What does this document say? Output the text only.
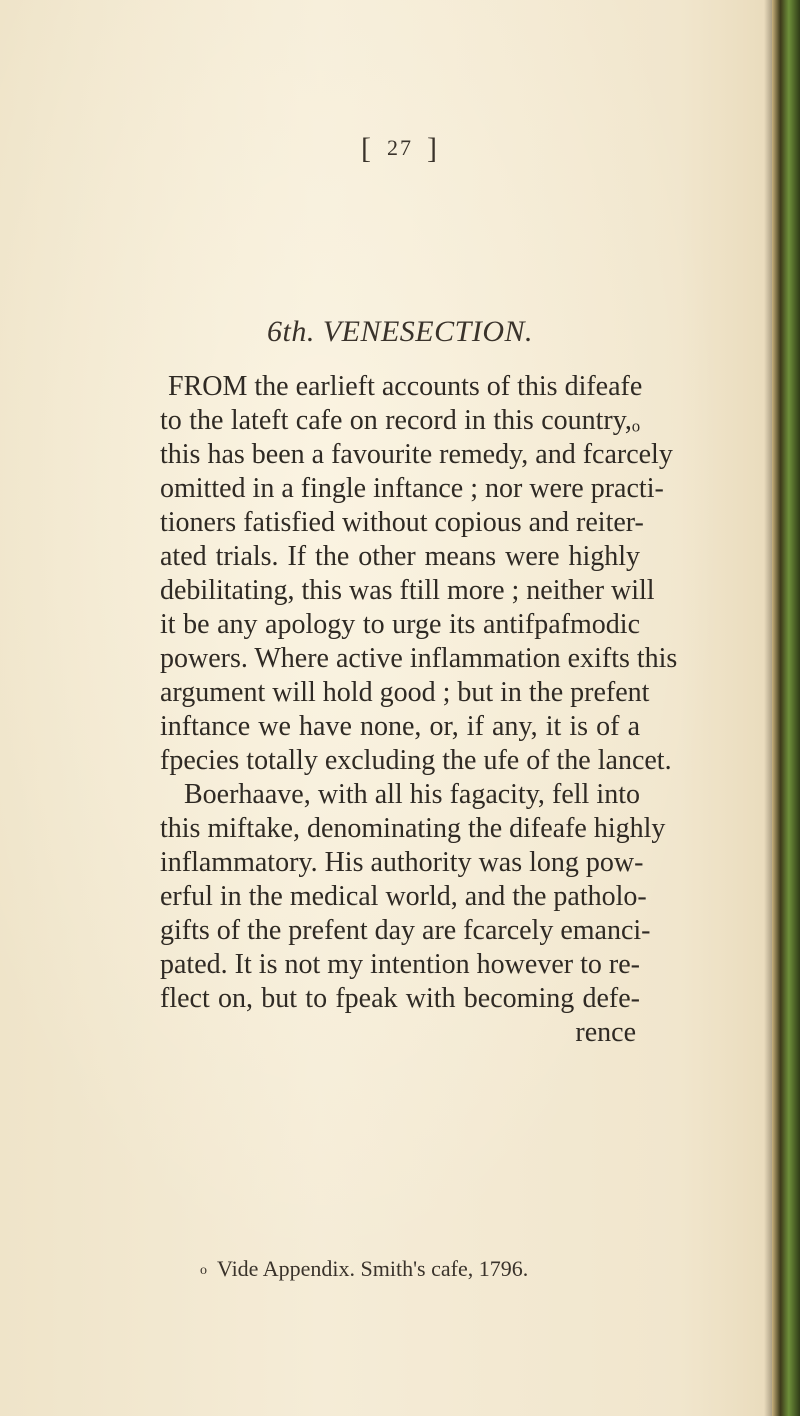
[ 27 ]
6th. VENESECTION.
FROM the earlieft accounts of this difeafe
to the lateft cafe on record in this country,ₒ
this has been a favourite remedy, and fcarcely
omitted in a fingle inftance ; nor were practi-
tioners fatisfied without copious and reiter-
ated trials. If the other means were highly
debilitating, this was ftill more ; neither will
it be any apology to urge its antifpafmodic
powers. Where active inflammation exifts this
argument will hold good ; but in the prefent
inftance we have none, or, if any, it is of a
fpecies totally excluding the ufe of the lancet.
Boerhaave, with all his fagacity, fell into
this miftake, denominating the difeafe highly
inflammatory. His authority was long pow-
erful in the medical world, and the patholo-
gifts of the prefent day are fcarcely emanci-
pated. It is not my intention however to re-
flect on, but to fpeak with becoming defe-
rence
o Vide Appendix. Smith's cafe, 1796.
